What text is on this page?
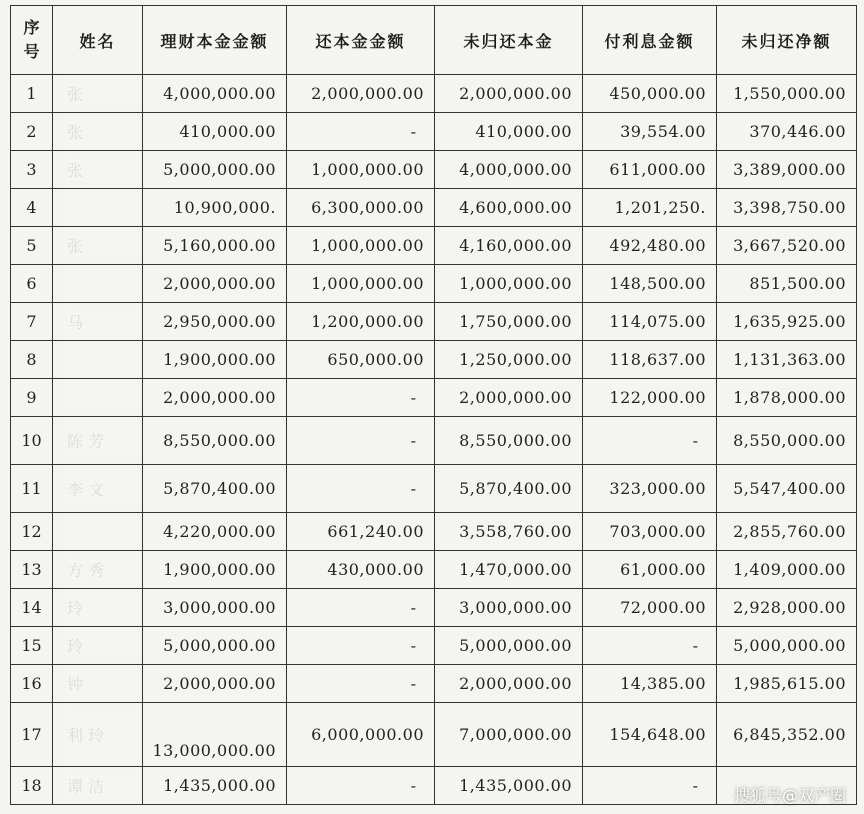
序
号	姓名	理财本金金额	还本金金额	未归还本金	付利息金额	未归还净额
1		4,000,000.00	2,000,000.00	2,000,000.00	450,000.00	1,550,000.00
2		410,000.00	-	410,000.00	39,554.00	370,446.00
3		5,000,000.00	1,000,000.00	4,000,000.00	611,000.00	3,389,000.00
4		10,900,000.	6,300,000.00	4,600,000.00	1,201,250.	3,398,750.00
5		5,160,000.00	1,000,000.00	4,160,000.00	492,480.00	3,667,520.00
6		2,000,000.00	1,000,000.00	1,000,000.00	148,500.00	851,500.00
7		2,950,000.00	1,200,000.00	1,750,000.00	114,075.00	1,635,925.00
8		1,900,000.00	650,000.00	1,250,000.00	118,637.00	1,131,363.00
9		2,000,000.00	-	2,000,000.00	122,000.00	1,878,000.00
10		8,550,000.00	-	8,550,000.00	-	8,550,000.00
11		5,870,400.00	-	5,870,400.00	323,000.00	5,547,400.00
12		4,220,000.00	661,240.00	3,558,760.00	703,000.00	2,855,760.00
13		1,900,000.00	430,000.00	1,470,000.00	61,000.00	1,409,000.00
14		3,000,000.00	-	3,000,000.00	72,000.00	2,928,000.00
15		5,000,000.00	-	5,000,000.00	-	5,000,000.00
16		2,000,000.00	-	2,000,000.00	14,385.00	1,985,615.00
17		13,000,000.00	6,000,000.00	7,000,000.00	154,648.00	6,845,352.00
18		1,435,000.00	-	1,435,000.00	-	
搜狐号@双产圈
